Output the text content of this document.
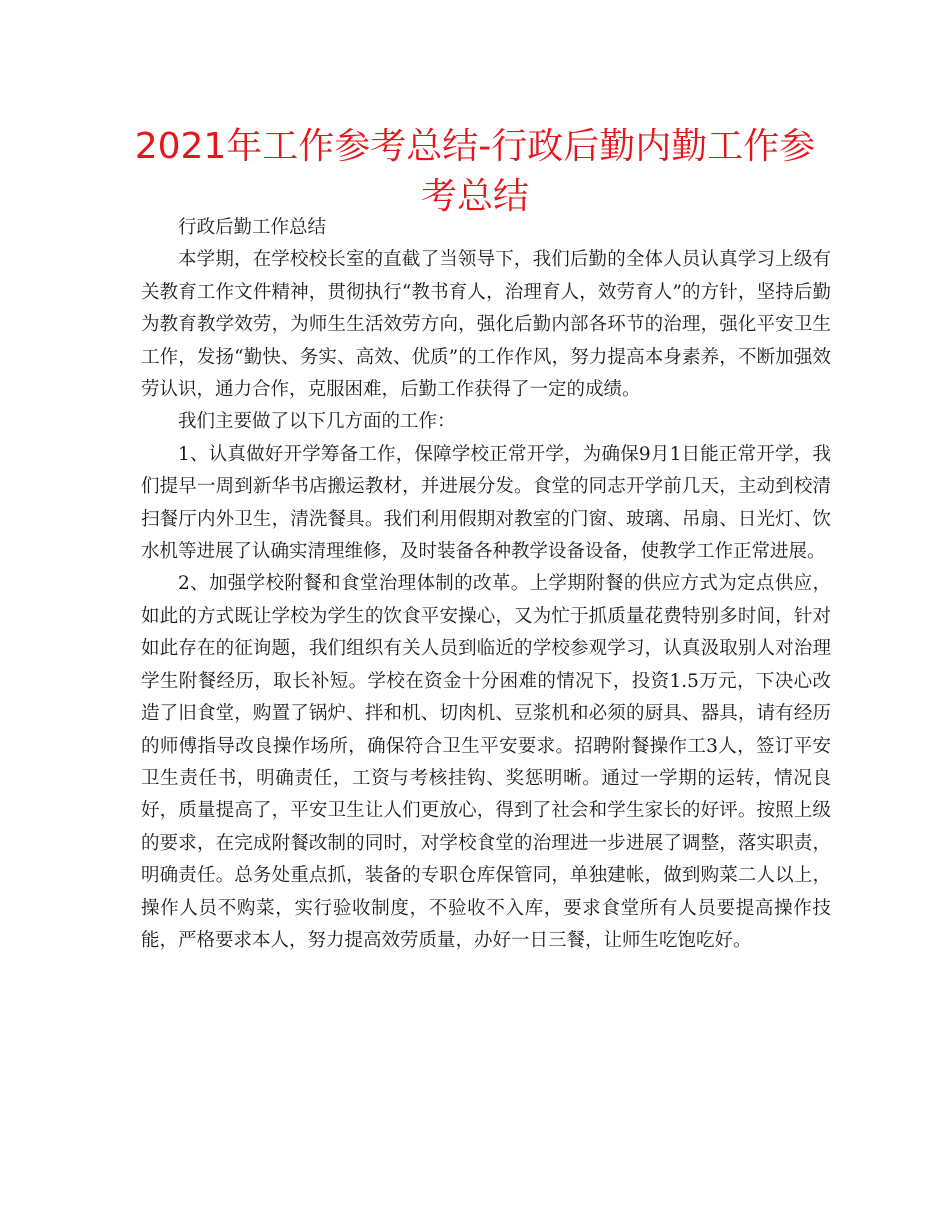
2021年工作参考总结-行政后勤内勤工作参考总结

行政后勤工作总结

本学期，在学校校长室的直截了当领导下，我们后勤的全体人员认真学习上级有关教育工作文件精神，贯彻执行“教书育人，治理育人，效劳育人”的方针，坚持后勤为教育教学效劳，为师生生活效劳方向，强化后勤内部各环节的治理，强化平安卫生工作，发扬“勤快、务实、高效、优质”的工作作风，努力提高本身素养，不断加强效劳认识，通力合作，克服困难，后勤工作获得了一定的成绩。

我们主要做了以下几方面的工作：

1、认真做好开学筹备工作，保障学校正常开学，为确保9月1日能正常开学，我们提早一周到新华书店搬运教材，并进展分发。食堂的同志开学前几天，主动到校清扫餐厅内外卫生，清洗餐具。我们利用假期对教室的门窗、玻璃、吊扇、日光灯、饮水机等进展了认确实清理维修，及时装备各种教学设备设备，使教学工作正常进展。

2、加强学校附餐和食堂治理体制的改革。上学期附餐的供应方式为定点供应，如此的方式既让学校为学生的饮食平安操心，又为忙于抓质量花费特别多时间，针对如此存在的征询题，我们组织有关人员到临近的学校参观学习，认真汲取别人对治理学生附餐经历，取长补短。学校在资金十分困难的情况下，投资1.5万元，下决心改造了旧食堂，购置了锅炉、拌和机、切肉机、豆浆机和必须的厨具、器具，请有经历的师傅指导改良操作场所，确保符合卫生平安要求。招聘附餐操作工3人，签订平安卫生责任书，明确责任，工资与考核挂钩、奖惩明晰。通过一学期的运转，情况良好，质量提高了，平安卫生让人们更放心，得到了社会和学生家长的好评。按照上级的要求，在完成附餐改制的同时，对学校食堂的治理进一步进展了调整，落实职责，明确责任。总务处重点抓，装备的专职仓库保管同，单独建帐，做到购菜二人以上，操作人员不购菜，实行验收制度，不验收不入库，要求食堂所有人员要提高操作技能，严格要求本人，努力提高效劳质量，办好一日三餐，让师生吃饱吃好。
